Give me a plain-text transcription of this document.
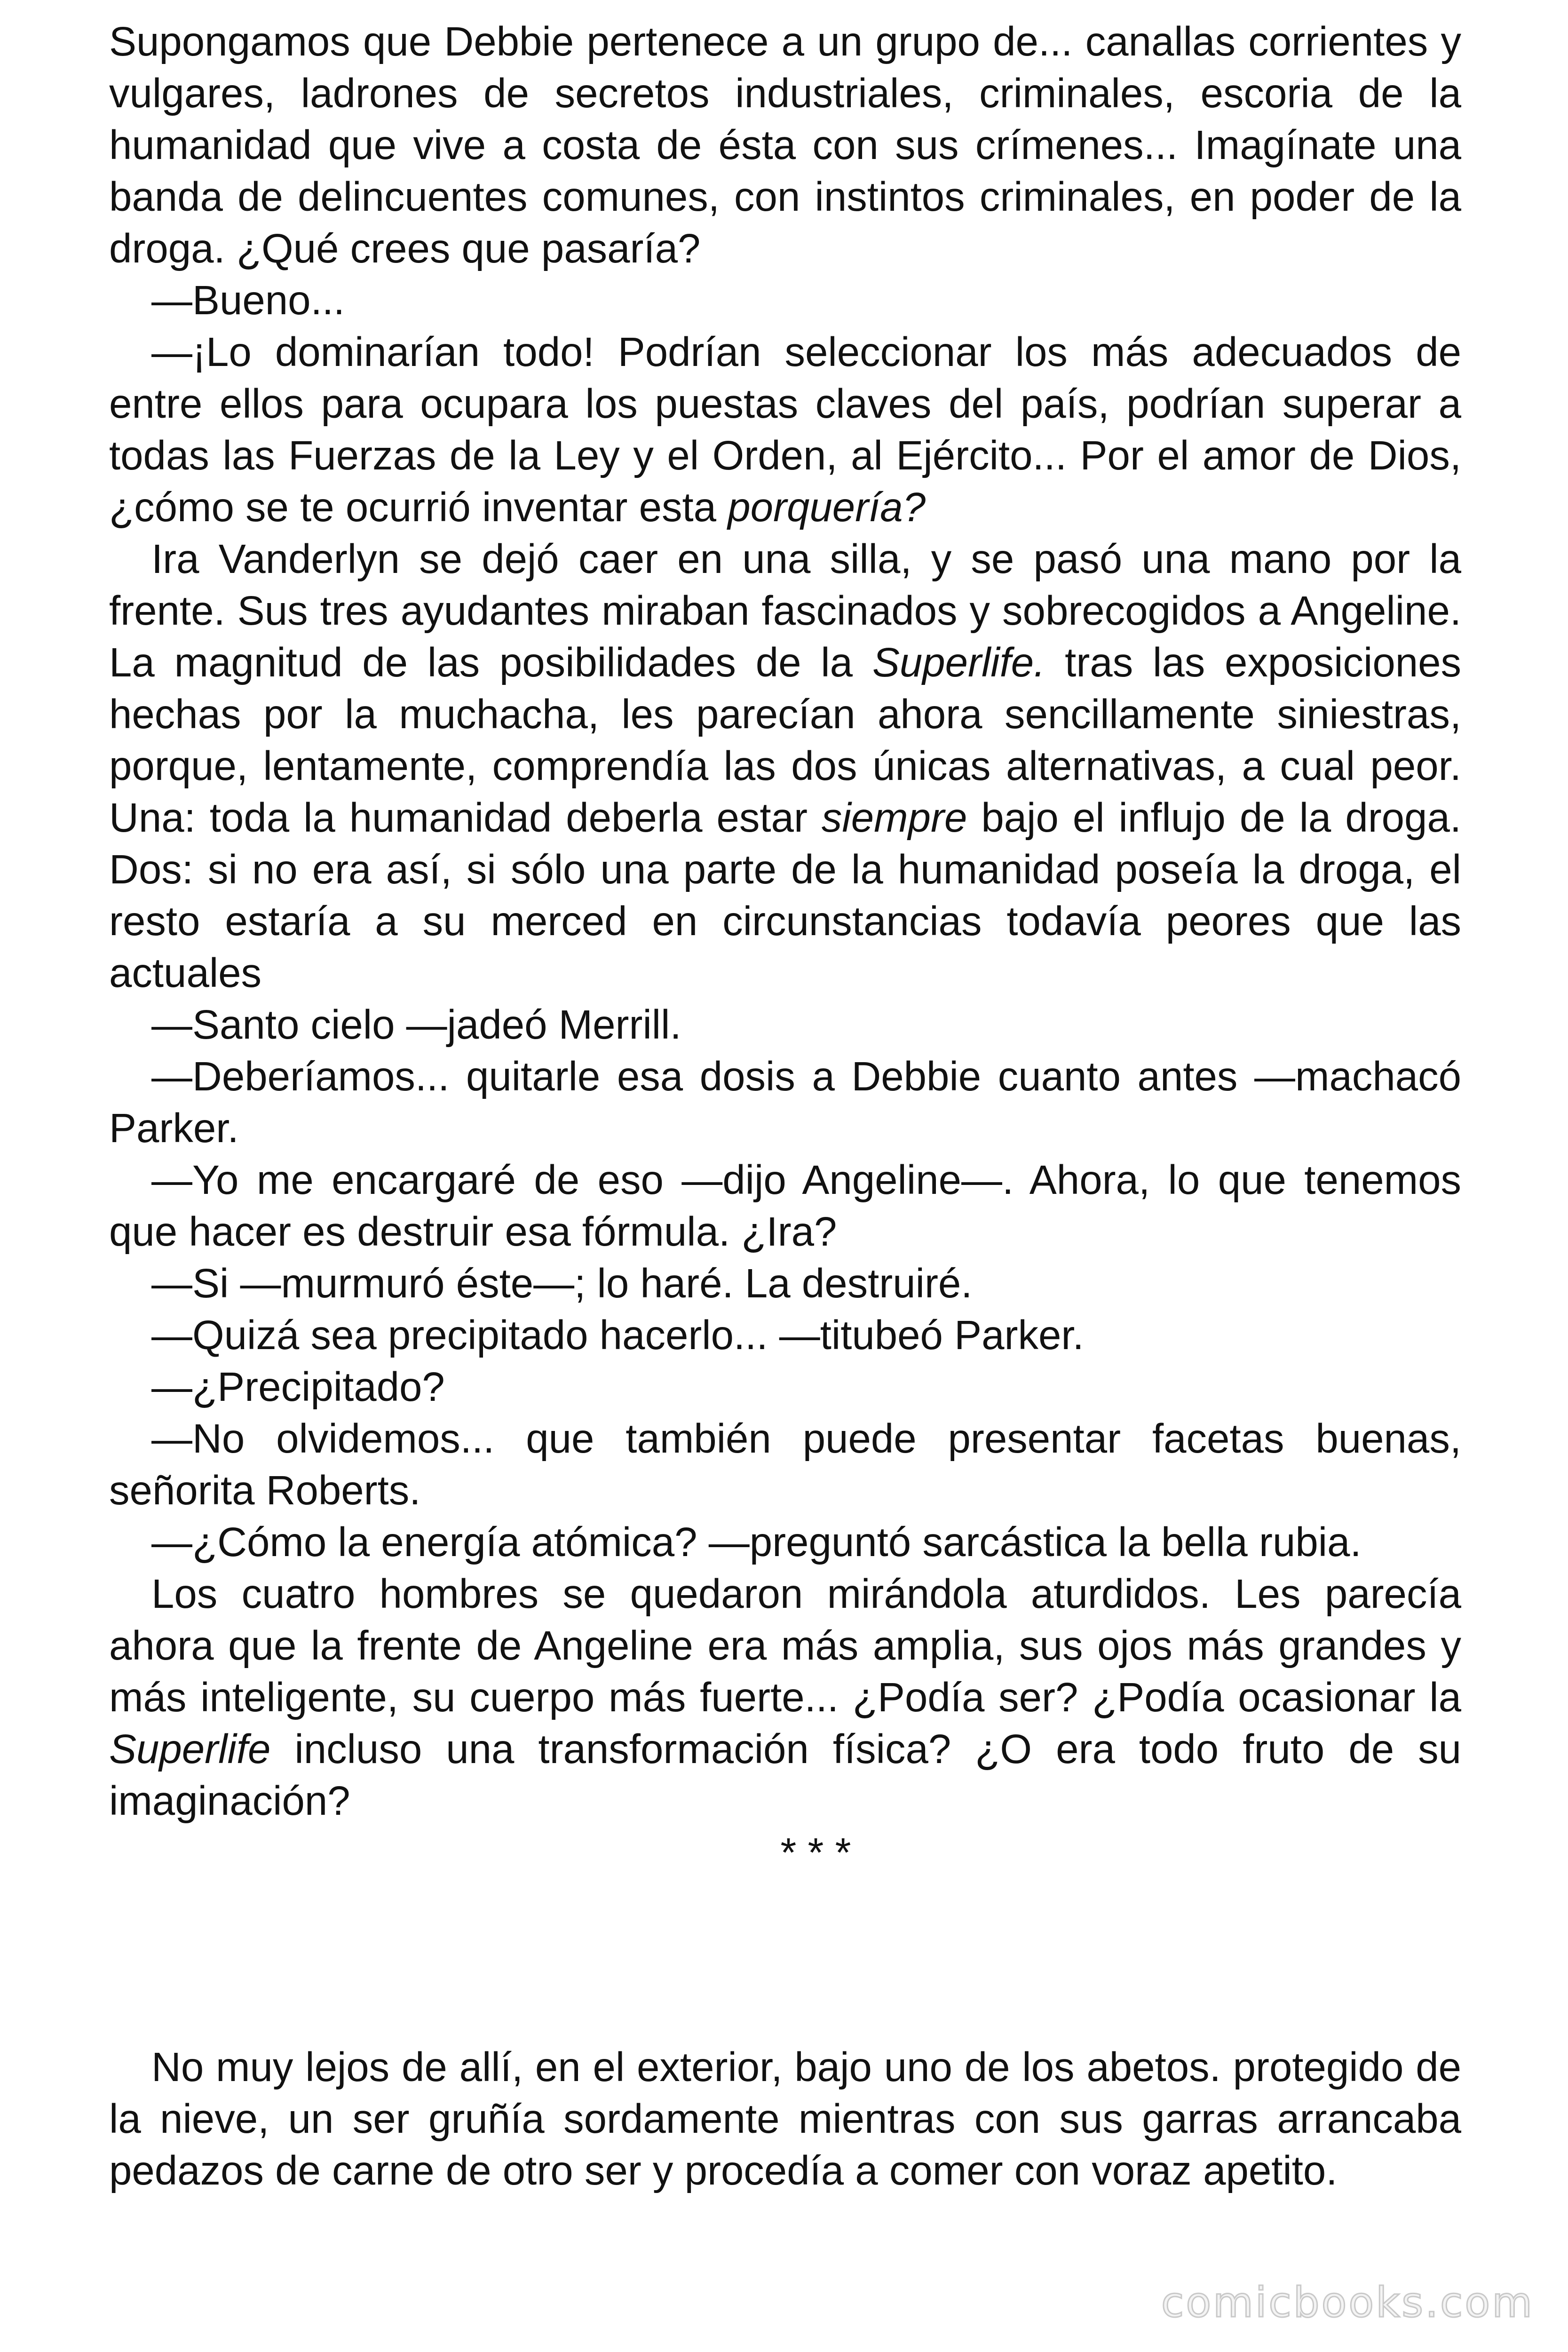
Supongamos que Debbie pertenece a un grupo de... canallas corrientes y vulgares, ladrones de secretos industriales, criminales, escoria de la humanidad que vive a costa de ésta con sus crímenes... Imagínate una banda de delincuentes comunes, con instintos criminales, en poder de la droga. ¿Qué crees que pasaría?

—Bueno...

—¡Lo dominarían todo! Podrían seleccionar los más adecuados de entre ellos para ocupara los puestas claves del país, podrían superar a todas las Fuerzas de la Ley y el Orden, al Ejército... Por el amor de Dios, ¿cómo se te ocurrió inventar esta porquería?

Ira Vanderlyn se dejó caer en una silla, y se pasó una mano por la frente. Sus tres ayudantes miraban fascinados y sobrecogidos a Angeline. La magnitud de las posibilidades de la Superlife. tras las exposiciones hechas por la muchacha, les parecían ahora sencillamente siniestras, porque, lentamente, comprendía las dos únicas alternativas, a cual peor. Una: toda la humanidad deberla estar siempre bajo el influjo de la droga. Dos: si no era así, si sólo una parte de la humanidad poseía la droga, el resto estaría a su merced en circunstancias todavía peores que las actuales

—Santo cielo —jadeó Merrill.

—Deberíamos... quitarle esa dosis a Debbie cuanto antes —machacó Parker.

—Yo me encargaré de eso —dijo Angeline—. Ahora, lo que tenemos que hacer es destruir esa fórmula. ¿Ira?

—Si —murmuró éste—; lo haré. La destruiré.

—Quizá sea precipitado hacerlo... —titubeó Parker.

—¿Precipitado?

—No olvidemos... que también puede presentar facetas buenas, señorita Roberts.

—¿Cómo la energía atómica? —preguntó sarcástica la bella rubia.

Los cuatro hombres se quedaron mirándola aturdidos. Les parecía ahora que la frente de Angeline era más amplia, sus ojos más grandes y más inteligente, su cuerpo más fuerte... ¿Podía ser? ¿Podía ocasionar la Superlife incluso una transformación física? ¿O era todo fruto de su imaginación?

* * *

No muy lejos de allí, en el exterior, bajo uno de los abetos. protegido de la nieve, un ser gruñía sordamente mientras con sus garras arrancaba pedazos de carne de otro ser y procedía a comer con voraz apetito.

comicbooks.com
